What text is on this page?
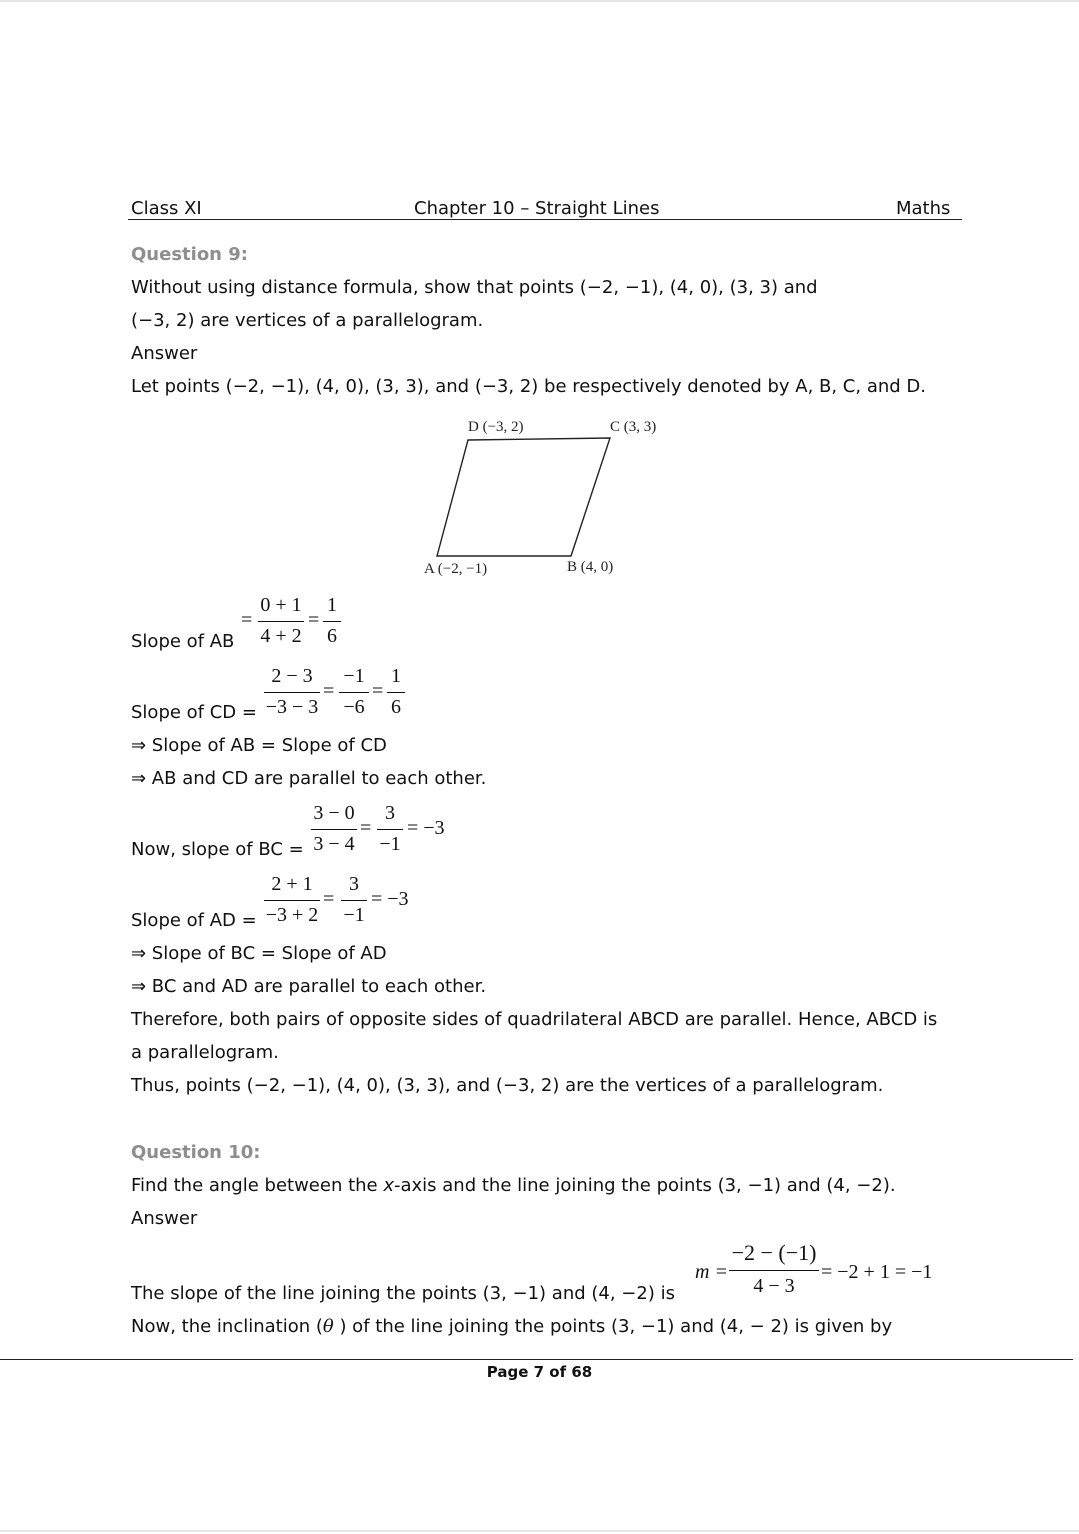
Class XI	Chapter 10 – Straight Lines	Maths
Question 9:
Without using distance formula, show that points (−2, −1), (4, 0), (3, 3) and
(−3, 2) are vertices of a parallelogram.
Answer
Let points (−2, −1), (4, 0), (3, 3), and (−3, 2) be respectively denoted by A, B, C, and D.
D (−3, 2)	C (3, 3)
A (−2, −1)	B (4, 0)
Slope of AB
=
0 + 1
4 + 2
=
1
6
Slope of CD =
2 − 3
−3 − 3
=
−1
−6
=
1
6
⇒ Slope of AB = Slope of CD
⇒ AB and CD are parallel to each other.
Now, slope of BC =
3 − 0
3 − 4
=
3
−1
= −3
Slope of AD =
2 + 1
−3 + 2
=
3
−1
= −3
⇒ Slope of BC = Slope of AD
⇒ BC and AD are parallel to each other.
Therefore, both pairs of opposite sides of quadrilateral ABCD are parallel. Hence, ABCD is
a parallelogram.
Thus, points (−2, −1), (4, 0), (3, 3), and (−3, 2) are the vertices of a parallelogram.
Question 10:
Find the angle between the x-axis and the line joining the points (3, −1) and (4, −2).
Answer
The slope of the line joining the points (3, −1) and (4, −2) is
m =
−2 − (−1)
4 − 3
= −2 + 1 = −1
Now, the inclination (θ ) of the line joining the points (3, −1) and (4, − 2) is given by
Page 7 of 68
